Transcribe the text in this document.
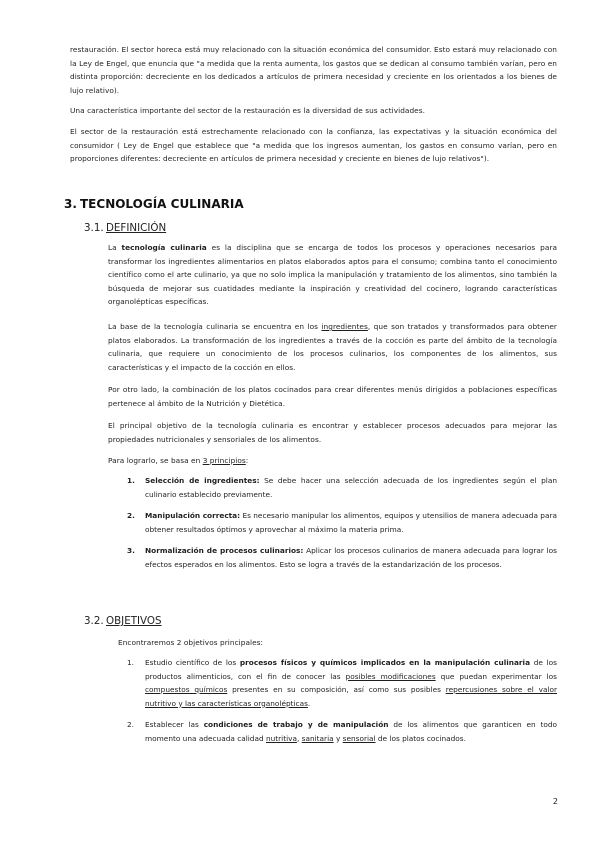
restauración. El sector horeca está muy relacionado con la situación económica del consumidor. Esto estará muy relacionado con la Ley de Engel, que enuncia que "a medida que la renta aumenta, los gastos que se dedican al consumo también varían, pero en distinta proporción: decreciente en los dedicados a artículos de primera necesidad y creciente en los orientados a los bienes de lujo relativo).

Una característica importante del sector de la restauración es la diversidad de sus actividades.

El sector de la restauración está estrechamente relacionado con la confianza, las expectativas y la situación económica del consumidor ( Ley de Engel que establece que "a medida que los ingresos aumentan, los gastos en consumo varían, pero en proporciones diferentes: decreciente en artículos de primera necesidad y creciente en bienes de lujo relativos").

3. TECNOLOGÍA CULINARIA
3.1. DEFINICIÓN

La tecnología culinaria es la disciplina que se encarga de todos los procesos y operaciones necesarios para transformar los ingredientes alimentarios en platos elaborados aptos para el consumo; combina tanto el conocimiento científico como el arte culinario, ya que no solo implica la manipulación y tratamiento de los alimentos, sino también la búsqueda de mejorar sus cuatidades mediante la inspiración y creatividad del cocinero, logrando características organolépticas específicas.

La base de la tecnología culinaria se encuentra en los ingredientes, que son tratados y transformados para obtener platos elaborados. La transformación de los ingredientes a través de la cocción es parte del ámbito de la tecnología culinaria, que requiere un conocimiento de los procesos culinarios, los componentes de los alimentos, sus características y el impacto de la cocción en ellos.

Por otro lado, la combinación de los platos cocinados para crear diferentes menús dirigidos a poblaciones específicas pertenece al ámbito de la Nutrición y Dietética.

El principal objetivo de la tecnología culinaria es encontrar y establecer procesos adecuados para mejorar las propiedades nutricionales y sensoriales de los alimentos.

Para lograrlo, se basa en 3 principios:

1. Selección de ingredientes: Se debe hacer una selección adecuada de los ingredientes según el plan culinario establecido previamente.
2. Manipulación correcta: Es necesario manipular los alimentos, equipos y utensilios de manera adecuada para obtener resultados óptimos y aprovechar al máximo la materia prima.
3. Normalización de procesos culinarios: Aplicar los procesos culinarios de manera adecuada para lograr los efectos esperados en los alimentos. Esto se logra a través de la estandarización de los procesos.
3.2. OBJETIVOS

Encontraremos 2 objetivos principales:

1. Estudio científico de los procesos físicos y químicos implicados en la manipulación culinaria de los productos alimenticios, con el fin de conocer las posibles modificaciones que puedan experimentar los compuestos químicos presentes en su composición, así como sus posibles repercusiones sobre el valor nutritivo y las características organolépticas.
2. Establecer las condiciones de trabajo y de manipulación de los alimentos que garanticen en todo momento una adecuada calidad nutritiva, sanitaria y sensorial de los platos cocinados.
2
